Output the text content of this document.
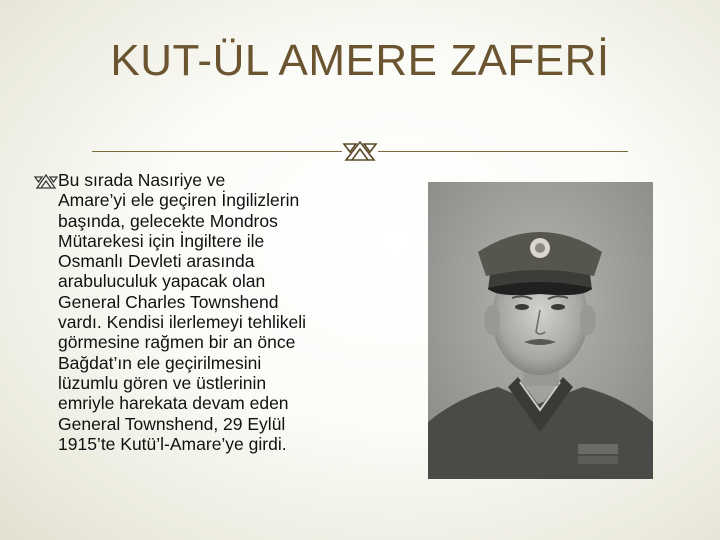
KUT-ÜL AMERE ZAFERİ
Bu sırada Nasıriye ve
Amare’yi ele geçiren İngilizlerin
başında, gelecekte Mondros
Mütarekesi için İngiltere ile
Osmanlı Devleti arasında
arabuluculuk yapacak olan
General Charles Townshend
vardı. Kendisi ilerlemeyi tehlikeli
görmesine rağmen bir an önce
Bağdat’ın ele geçirilmesini
lüzumlu gören ve üstlerinin
emriyle harekata devam eden
General Townshend, 29 Eylül
1915’te Kutü’l-Amare’ye girdi.
